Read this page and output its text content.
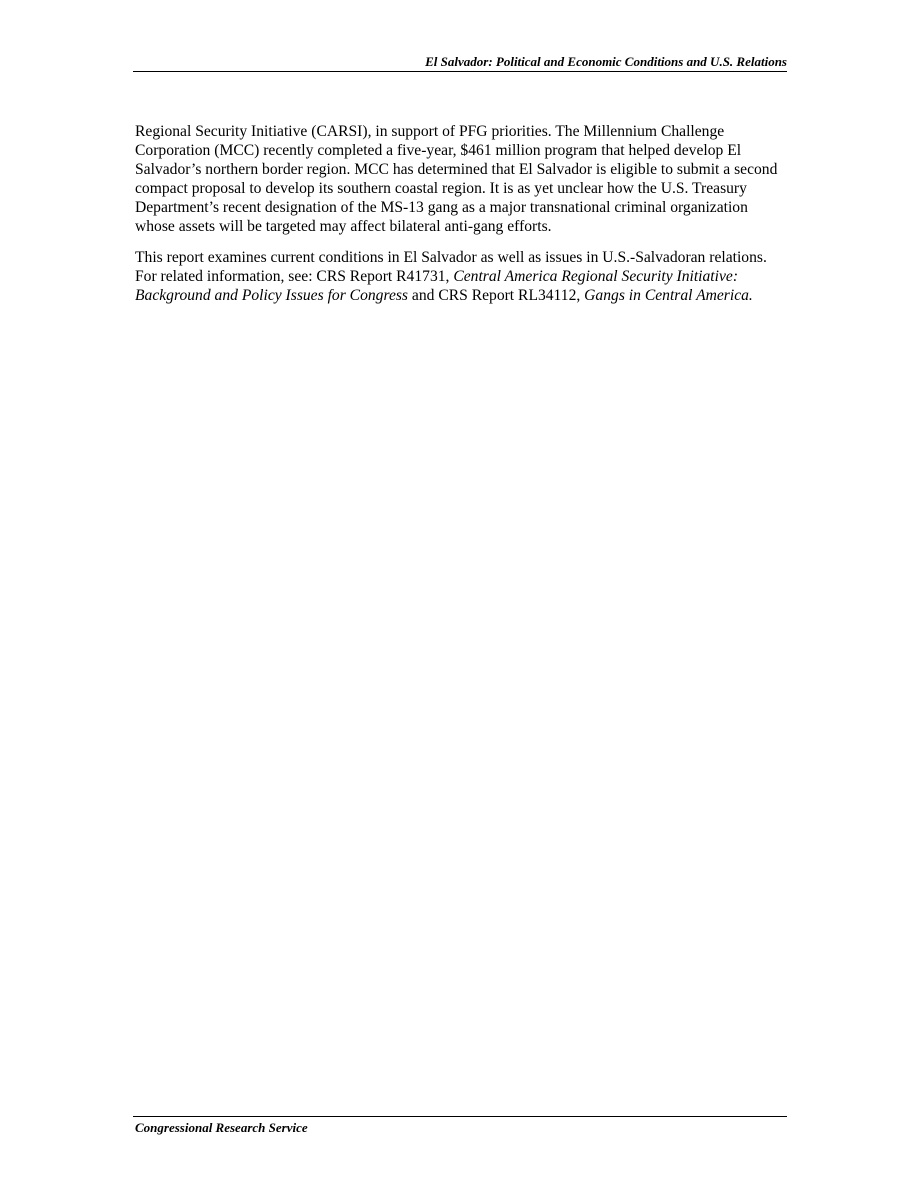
El Salvador: Political and Economic Conditions and U.S. Relations

Regional Security Initiative (CARSI), in support of PFG priorities. The Millennium Challenge Corporation (MCC) recently completed a five-year, $461 million program that helped develop El Salvador’s northern border region. MCC has determined that El Salvador is eligible to submit a second compact proposal to develop its southern coastal region. It is as yet unclear how the U.S. Treasury Department’s recent designation of the MS-13 gang as a major transnational criminal organization whose assets will be targeted may affect bilateral anti-gang efforts.

This report examines current conditions in El Salvador as well as issues in U.S.-Salvadoran relations. For related information, see: CRS Report R41731, Central America Regional Security Initiative: Background and Policy Issues for Congress and CRS Report RL34112, Gangs in Central America.

Congressional Research Service
